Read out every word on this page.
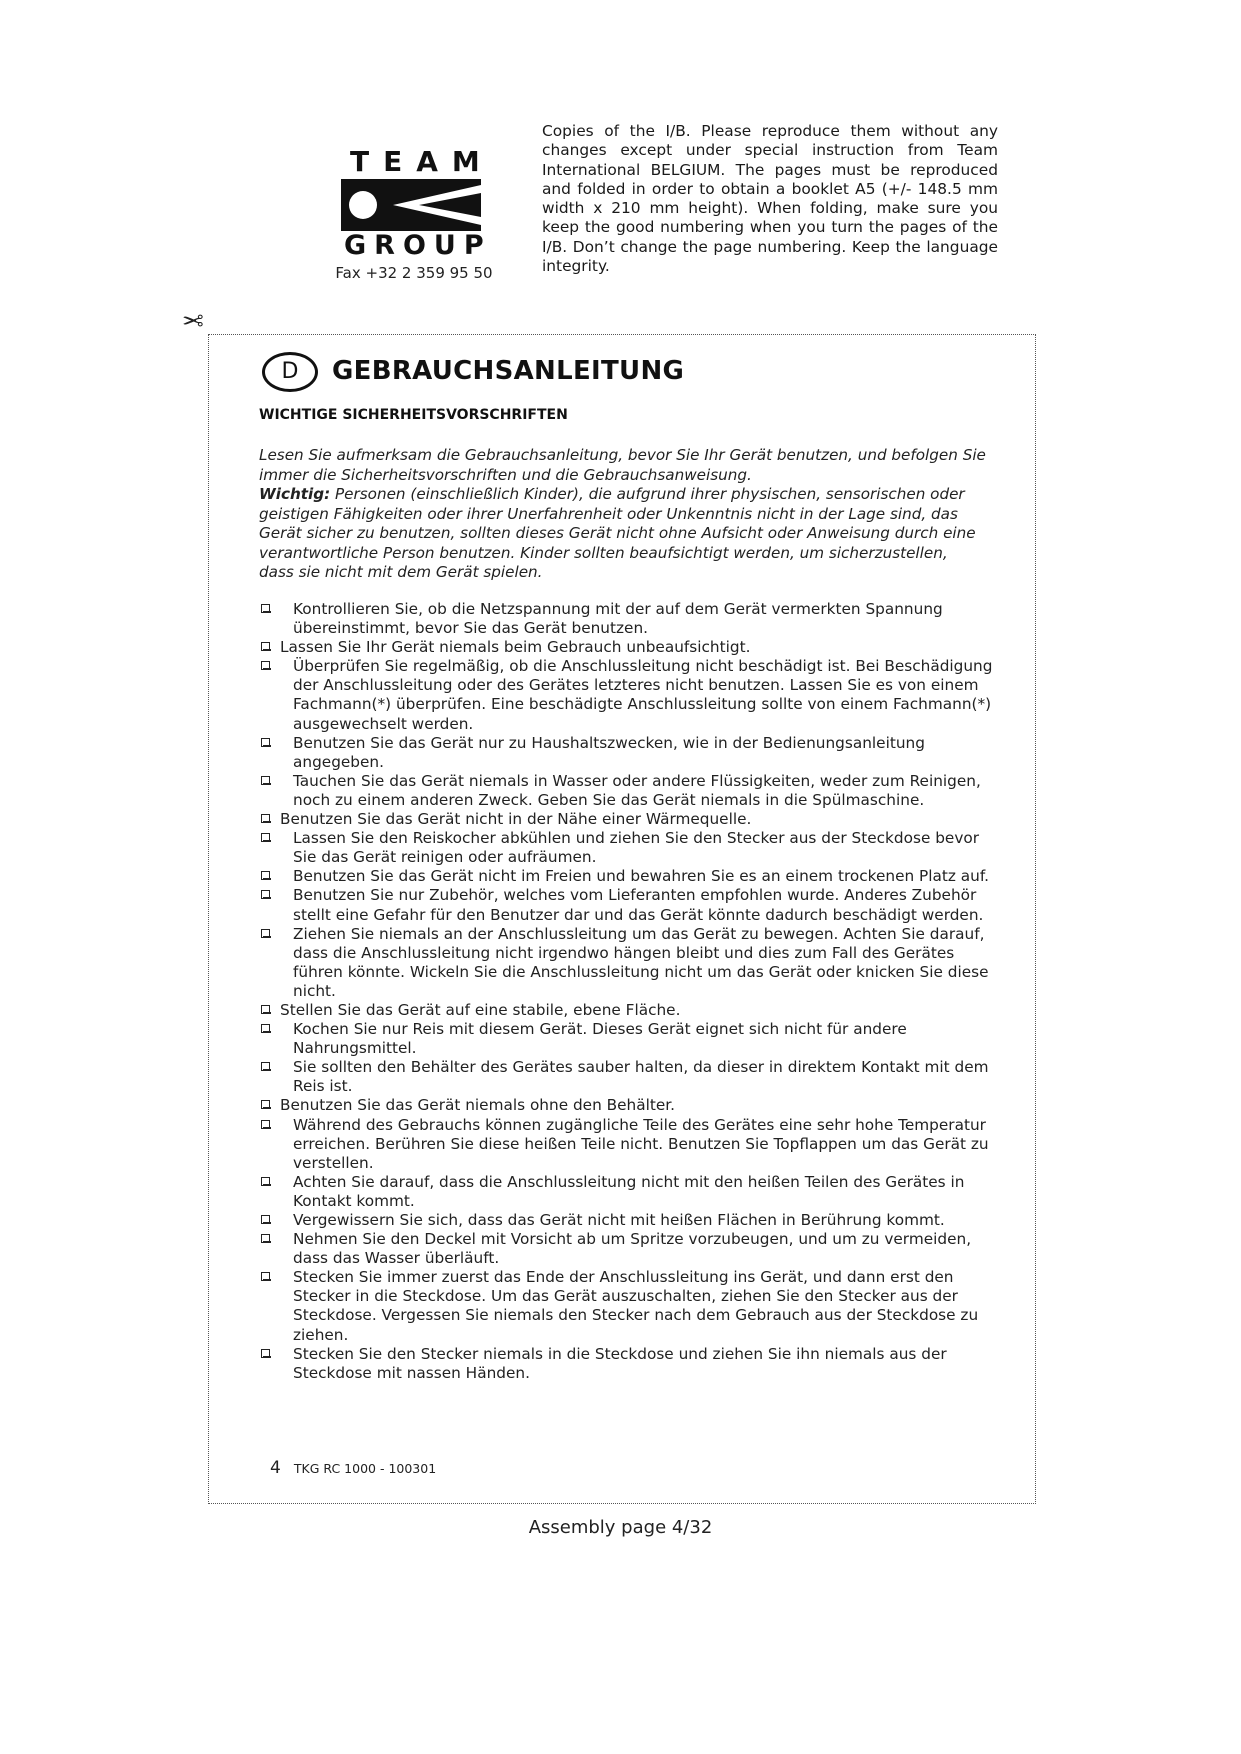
TEAM
GROUP
Fax +32 2 359 95 50
Copies of the I/B. Please reproduce them without any changes except under special instruction from Team International BELGIUM. The pages must be reproduced and folded in order to obtain a booklet A5 (+/- 148.5 mm width x 210 mm height). When folding, make sure you keep the good numbering when you turn the pages of the I/B. Don’t change the page numbering. Keep the language integrity.
✂
D	GEBRAUCHSANLEITUNG
WICHTIGE SICHERHEITSVORSCHRIFTEN

Lesen Sie aufmerksam die Gebrauchsanleitung, bevor Sie Ihr Gerät benutzen, und befolgen Sie immer die Sicherheitsvorschriften und die Gebrauchsanweisung.

Wichtig: Personen (einschließlich Kinder), die aufgrund ihrer physischen, sensorischen oder geistigen Fähigkeiten oder ihrer Unerfahrenheit oder Unkenntnis nicht in der Lage sind, das Gerät sicher zu benutzen, sollten dieses Gerät nicht ohne Aufsicht oder Anweisung durch eine verantwortliche Person benutzen. Kinder sollten beaufsichtigt werden, um sicherzustellen, dass sie nicht mit dem Gerät spielen.

Kontrollieren Sie, ob die Netzspannung mit der auf dem Gerät vermerkten Spannung übereinstimmt, bevor Sie das Gerät benutzen.
Lassen Sie Ihr Gerät niemals beim Gebrauch unbeaufsichtigt.
Überprüfen Sie regelmäßig, ob die Anschlussleitung nicht beschädigt ist. Bei Beschädigung der Anschlussleitung oder des Gerätes letzteres nicht benutzen. Lassen Sie es von einem Fachmann(*) überprüfen. Eine beschädigte Anschlussleitung sollte von einem Fachmann(*) ausgewechselt werden.
Benutzen Sie das Gerät nur zu Haushaltszwecken, wie in der Bedienungsanleitung angegeben.
Tauchen Sie das Gerät niemals in Wasser oder andere Flüssigkeiten, weder zum Reinigen, noch zu einem anderen Zweck. Geben Sie das Gerät niemals in die Spülmaschine.
Benutzen Sie das Gerät nicht in der Nähe einer Wärmequelle.
Lassen Sie den Reiskocher abkühlen und ziehen Sie den Stecker aus der Steckdose bevor Sie das Gerät reinigen oder aufräumen.
Benutzen Sie das Gerät nicht im Freien und bewahren Sie es an einem trockenen Platz auf.
Benutzen Sie nur Zubehör, welches vom Lieferanten empfohlen wurde. Anderes Zubehör stellt eine Gefahr für den Benutzer dar und das Gerät könnte dadurch beschädigt werden.
Ziehen Sie niemals an der Anschlussleitung um das Gerät zu bewegen. Achten Sie darauf, dass die Anschlussleitung nicht irgendwo hängen bleibt und dies zum Fall des Gerätes führen könnte. Wickeln Sie die Anschlussleitung nicht um das Gerät oder knicken Sie diese nicht.
Stellen Sie das Gerät auf eine stabile, ebene Fläche.
Kochen Sie nur Reis mit diesem Gerät. Dieses Gerät eignet sich nicht für andere Nahrungsmittel.
Sie sollten den Behälter des Gerätes sauber halten, da dieser in direktem Kontakt mit dem Reis ist.
Benutzen Sie das Gerät niemals ohne den Behälter.
Während des Gebrauchs können zugängliche Teile des Gerätes eine sehr hohe Temperatur erreichen. Berühren Sie diese heißen Teile nicht. Benutzen Sie Topflappen um das Gerät zu verstellen.
Achten Sie darauf, dass die Anschlussleitung nicht mit den heißen Teilen des Gerätes in Kontakt kommt.
Vergewissern Sie sich, dass das Gerät nicht mit heißen Flächen in Berührung kommt.
Nehmen Sie den Deckel mit Vorsicht ab um Spritze vorzubeugen, und um zu vermeiden, dass das Wasser überläuft.
Stecken Sie immer zuerst das Ende der Anschlussleitung ins Gerät, und dann erst den Stecker in die Steckdose. Um das Gerät auszuschalten, ziehen Sie den Stecker aus der Steckdose. Vergessen Sie niemals den Stecker nach dem Gebrauch aus der Steckdose zu ziehen.
Stecken Sie den Stecker niemals in die Steckdose und ziehen Sie ihn niemals aus der Steckdose mit nassen Händen.
4 TKG RC 1000 - 100301
Assembly page 4/32
